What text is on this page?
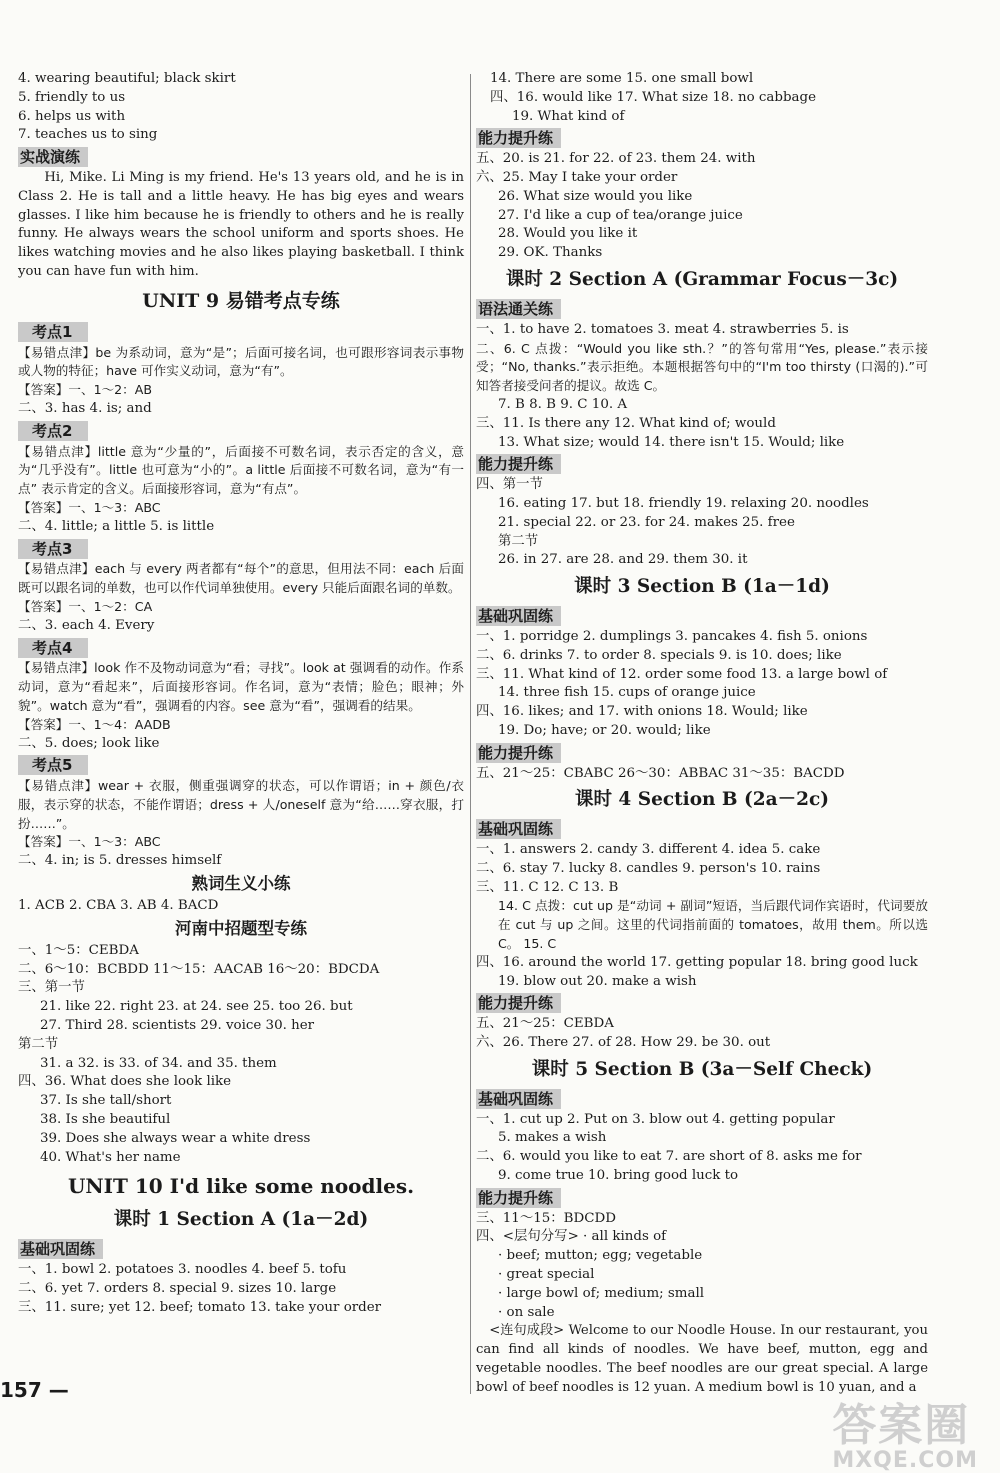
4. wearing beautiful; black skirt
5. friendly to us
6. helps us with
7. teaches us to sing
实战演练
Hi, Mike. Li Ming is my friend. He's 13 years old, and he is in Class 2. He is tall and a little heavy. He has big eyes and wears glasses. I like him because he is friendly to others and he is really funny. He always wears the school uniform and sports shoes. He likes watching movies and he also likes playing basketball. I think you can have fun with him.
UNIT 9 易错考点专练
考点1
【易错点津】be 为系动词，意为“是”；后面可接名词，也可跟形容词表示事物或人物的特征；have 可作实义动词，意为“有”。
【答案】一、1～2：AB
二、3. has 4. is; and
考点2
【易错点津】little 意为“少量的”，后面接不可数名词，表示否定的含义，意为“几乎没有”。little 也可意为“小的”。a little 后面接不可数名词，意为“有一点” 表示肯定的含义。后面接形容词，意为“有点”。
【答案】一、1～3：ABC
二、4. little; a little 5. is little
考点3
【易错点津】each 与 every 两者都有“每个”的意思，但用法不同：each 后面既可以跟名词的单数，也可以作代词单独使用。every 只能后面跟名词的单数。
【答案】一、1～2：CA
二、3. each 4. Every
考点4
【易错点津】look 作不及物动词意为“看；寻找”。look at 强调看的动作。作系动词，意为“看起来”，后面接形容词。作名词，意为“表情；脸色；眼神；外貌”。watch 意为“看”，强调看的内容。see 意为“看”，强调看的结果。
【答案】一、1～4：AADB
二、5. does; look like
考点5
【易错点津】wear + 衣服，侧重强调穿的状态，可以作谓语；in + 颜色/衣服，表示穿的状态，不能作谓语；dress + 人/oneself 意为“给……穿衣服，打扮……”。
【答案】一、1～3：ABC
二、4. in; is 5. dresses himself
熟词生义小练
1. ACB 2. CBA 3. AB 4. BACD
河南中招题型专练
一、1～5：CEBDA
二、6～10：BCBDD 11～15：AACAB 16～20：BDCDA
三、第一节
21. like 22. right 23. at 24. see 25. too 26. but
27. Third 28. scientists 29. voice 30. her
第二节
31. a 32. is 33. of 34. and 35. them
四、36. What does she look like
37. Is she tall/short
38. Is she beautiful
39. Does she always wear a white dress
40. What's her name
UNIT 10 I'd like some noodles.
课时 1 Section A (1a－2d)
基础巩固练
一、1. bowl 2. potatoes 3. noodles 4. beef 5. tofu
二、6. yet 7. orders 8. special 9. sizes 10. large
三、11. sure; yet 12. beef; tomato 13. take your order
14. There are some 15. one small bowl
四、16. would like 17. What size 18. no cabbage
19. What kind of
能力提升练
五、20. is 21. for 22. of 23. them 24. with
六、25. May I take your order
26. What size would you like
27. I'd like a cup of tea/orange juice
28. Would you like it
29. OK. Thanks
课时 2 Section A (Grammar Focus－3c)
语法通关练
一、1. to have 2. tomatoes 3. meat 4. strawberries 5. is
二、6. C 点拨：“Would you like sth.？”的答句常用“Yes, please.”表示接受；“No, thanks.”表示拒绝。本题根据答句中的“I'm too thirsty (口渴的).”可知答者接受问者的提议。故选 C。
7. B 8. B 9. C 10. A
三、11. Is there any 12. What kind of; would
13. What size; would 14. there isn't 15. Would; like
能力提升练
四、第一节
16. eating 17. but 18. friendly 19. relaxing 20. noodles
21. special 22. or 23. for 24. makes 25. free
第二节
26. in 27. are 28. and 29. them 30. it
课时 3 Section B (1a－1d)
基础巩固练
一、1. porridge 2. dumplings 3. pancakes 4. fish 5. onions
二、6. drinks 7. to order 8. specials 9. is 10. does; like
三、11. What kind of 12. order some food 13. a large bowl of
14. three fish 15. cups of orange juice
四、16. likes; and 17. with onions 18. Would; like
19. Do; have; or 20. would; like
能力提升练
五、21～25：CBABC 26～30：ABBAC 31～35：BACDD
课时 4 Section B (2a－2c)
基础巩固练
一、1. answers 2. candy 3. different 4. idea 5. cake
二、6. stay 7. lucky 8. candles 9. person's 10. rains
三、11. C 12. C 13. B
14. C 点拨：cut up 是“动词 + 副词”短语，当后跟代词作宾语时，代词要放在 cut 与 up 之间。这里的代词指前面的 tomatoes，故用 them。所以选 C。 15. C
四、16. around the world 17. getting popular 18. bring good luck
19. blow out 20. make a wish
能力提升练
五、21～25：CEBDA
六、26. There 27. of 28. How 29. be 30. out
课时 5 Section B (3a－Self Check)
基础巩固练
一、1. cut up 2. Put on 3. blow out 4. getting popular
5. makes a wish
二、6. would you like to eat 7. are short of 8. asks me for
9. come true 10. bring good luck to
能力提升练
三、11～15：BDCDD
四、<层句分写> · all kinds of
· beef; mutton; egg; vegetable
· great special
· large bowl of; medium; small
· on sale
<连句成段> Welcome to our Noodle House. In our restaurant, you can find all kinds of noodles. We have beef, mutton, egg and vegetable noodles. The beef noodles are our great special. A large bowl of beef noodles is 12 yuan. A medium bowl is 10 yuan, and a
157 —
答案圈
MXQE.COM
